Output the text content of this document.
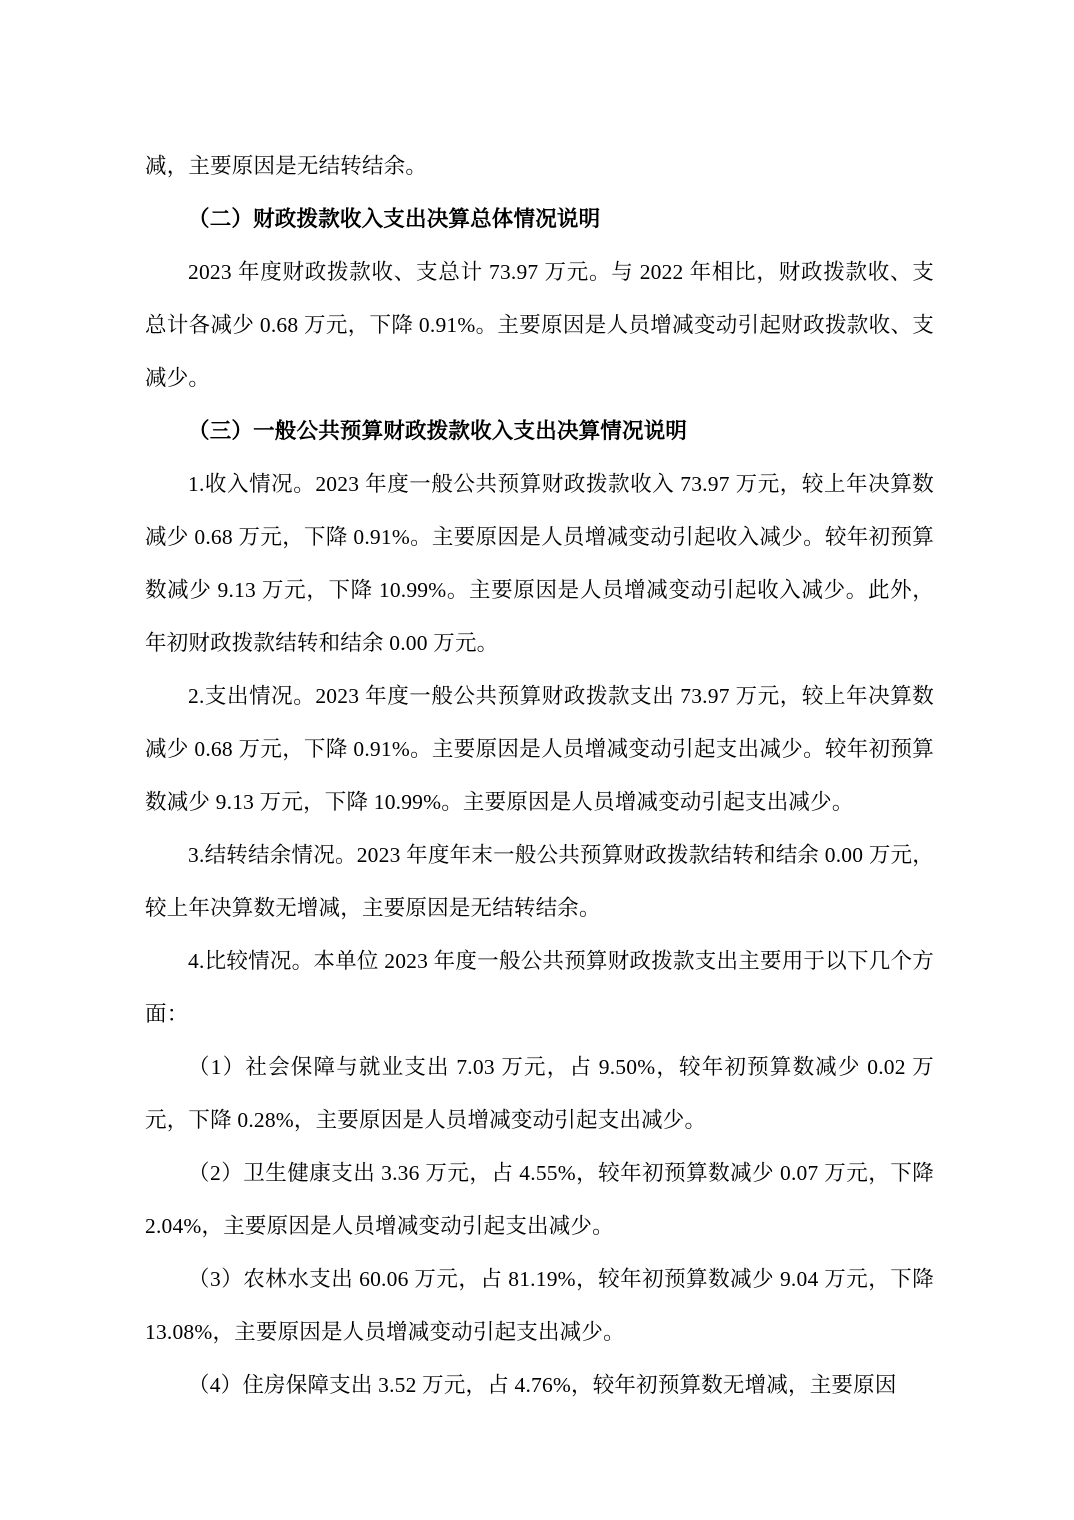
减，主要原因是无结转结余。

（二）财政拨款收入支出决算总体情况说明

2023 年度财政拨款收、支总计 73.97 万元。与 2022 年相比，财政拨款收、支总计各减少 0.68 万元，下降 0.91%。主要原因是人员增减变动引起财政拨款收、支减少。

（三）一般公共预算财政拨款收入支出决算情况说明

1.收入情况。2023 年度一般公共预算财政拨款收入 73.97 万元，较上年决算数减少 0.68 万元，下降 0.91%。主要原因是人员增减变动引起收入减少。较年初预算数减少 9.13 万元，下降 10.99%。主要原因是人员增减变动引起收入减少。此外，年初财政拨款结转和结余 0.00 万元。

2.支出情况。2023 年度一般公共预算财政拨款支出 73.97 万元，较上年决算数减少 0.68 万元，下降 0.91%。主要原因是人员增减变动引起支出减少。较年初预算数减少 9.13 万元，下降 10.99%。主要原因是人员增减变动引起支出减少。

3.结转结余情况。2023 年度年末一般公共预算财政拨款结转和结余 0.00 万元，较上年决算数无增减，主要原因是无结转结余。

4.比较情况。本单位 2023 年度一般公共预算财政拨款支出主要用于以下几个方面：

（1）社会保障与就业支出 7.03 万元，占 9.50%，较年初预算数减少 0.02 万元，下降 0.28%，主要原因是人员增减变动引起支出减少。

（2）卫生健康支出 3.36 万元，占 4.55%，较年初预算数减少 0.07 万元，下降 2.04%，主要原因是人员增减变动引起支出减少。

（3）农林水支出 60.06 万元，占 81.19%，较年初预算数减少 9.04 万元，下降 13.08%，主要原因是人员增减变动引起支出减少。

（4）住房保障支出 3.52 万元，占 4.76%，较年初预算数无增减，主要原因
